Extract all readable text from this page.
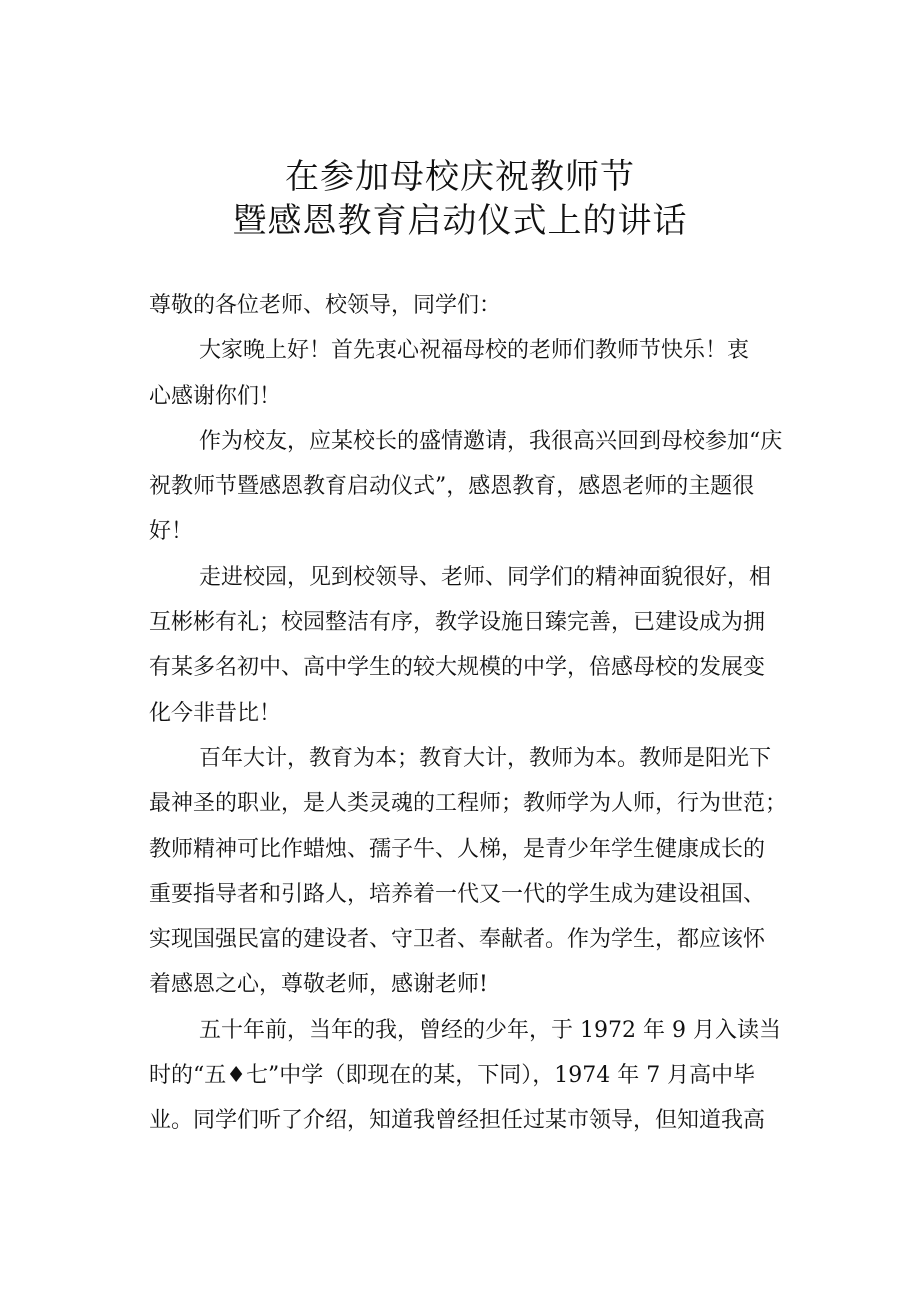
在参加母校庆祝教师节
暨感恩教育启动仪式上的讲话
尊敬的各位老师、校领导，同学们：
大家晚上好！首先衷心祝福母校的老师们教师节快乐！衷
心感谢你们！
作为校友，应某校长的盛情邀请，我很高兴回到母校参加“庆
祝教师节暨感恩教育启动仪式”，感恩教育，感恩老师的主题很
好！
走进校园，见到校领导、老师、同学们的精神面貌很好，相
互彬彬有礼；校园整洁有序，教学设施日臻完善，已建设成为拥
有某多名初中、高中学生的较大规模的中学，倍感母校的发展变
化今非昔比！
百年大计，教育为本；教育大计，教师为本。教师是阳光下
最神圣的职业，是人类灵魂的工程师；教师学为人师，行为世范；
教师精神可比作蜡烛、孺子牛、人梯，是青少年学生健康成长的
重要指导者和引路人，培养着一代又一代的学生成为建设祖国、
实现国强民富的建设者、守卫者、奉献者。作为学生，都应该怀
着感恩之心，尊敬老师，感谢老师!
五十年前，当年的我，曾经的少年，于 1972 年 9 月入读当
时的“五♦七”中学（即现在的某，下同），1974 年 7 月高中毕
业。同学们听了介绍，知道我曾经担任过某市领导，但知道我高
